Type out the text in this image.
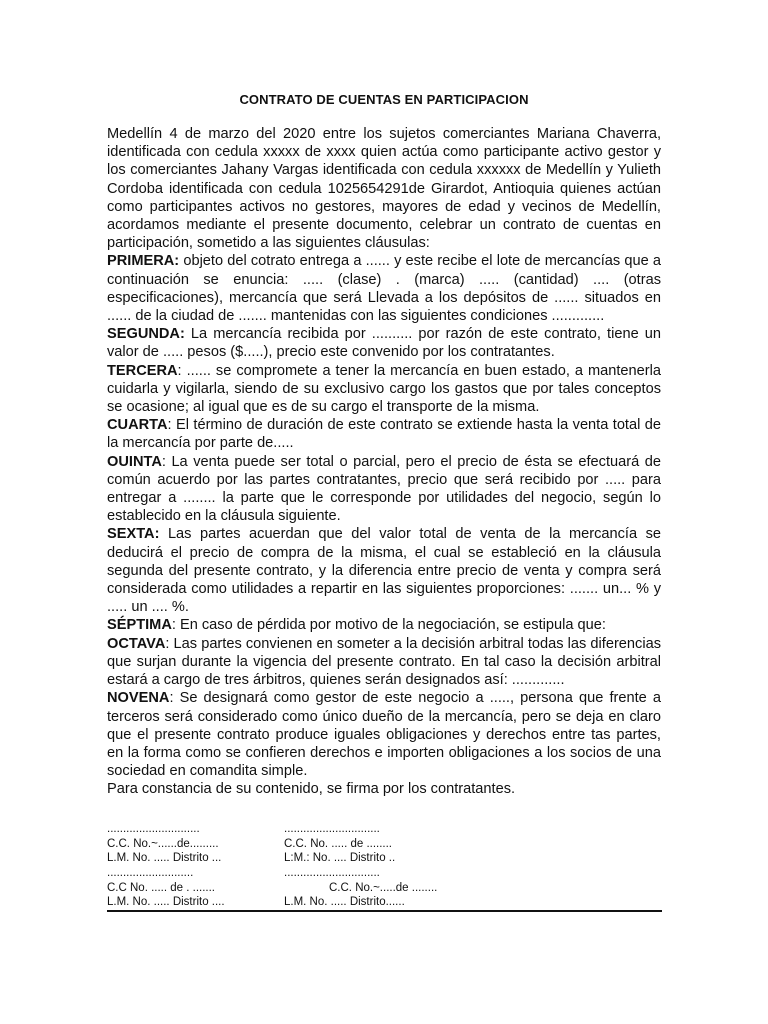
CONTRATO DE CUENTAS EN PARTICIPACION

Medellín 4 de marzo del 2020 entre los sujetos comerciantes Mariana Chaverra, identificada con cedula xxxxx de xxxx quien actúa como participante activo gestor y los comerciantes Jahany Vargas identificada con cedula xxxxxx de Medellín y Yulieth Cordoba identificada con cedula 1025654291de Girardot, Antioquia quienes actúan como participantes activos no gestores, mayores de edad y vecinos de Medellín, acordamos mediante el presente documento, celebrar un contrato de cuentas en participación, sometido a las siguientes cláusulas:

PRIMERA: objeto del cotrato entrega a ...... y este recibe el lote de mercancías que a continuación se enuncia: ..... (clase) . (marca) ..... (cantidad) .... (otras especificaciones), mercancía que será Llevada a los depósitos de ...... situados en ...... de la ciudad de ....... mantenidas con las siguientes condiciones .............

SEGUNDA: La mercancía recibida por .......... por razón de este contrato, tiene un valor de ..... pesos ($.....), precio este convenido por los contratantes.

TERCERA: ...... se compromete a tener la mercancía en buen estado, a mantenerla cuidarla y vigilarla, siendo de su exclusivo cargo los gastos que por tales conceptos se ocasione; al igual que es de su cargo el transporte de la misma.

CUARTA: El término de duración de este contrato se extiende hasta la venta total de la mercancía por parte de.....

OUINTA: La venta puede ser total o parcial, pero el precio de ésta se efectuará de común acuerdo por las partes contratantes, precio que será recibido por ..... para entregar a ........ la parte que le corresponde por utilidades del negocio, según lo establecido en la cláusula siguiente.

SEXTA: Las partes acuerdan que del valor total de venta de la mercancía se deducirá el precio de compra de la misma, el cual se estableció en la cláusula segunda del presente contrato, y la diferencia entre precio de venta y compra será considerada como utilidades a repartir en las siguientes proporciones: ....... un... % y ..... un .... %.

SÉPTIMA: En caso de pérdida por motivo de la negociación, se estipula que:

OCTAVA: Las partes convienen en someter a la decisión arbitral todas las diferencias que surjan durante la vigencia del presente contrato. En tal caso la decisión arbitral estará a cargo de tres árbitros, quienes serán designados así: .............

NOVENA: Se designará como gestor de este negocio a ....., persona que frente a terceros será considerado como único dueño de la mercancía, pero se deja en claro que el presente contrato produce iguales obligaciones y derechos entre tas partes, en la forma como se confieren derechos e importen obligaciones a los socios de una sociedad en comandita simple.

Para constancia de su contenido, se firma por los contratantes.

.............................	..............................
C.C. No.~......de.........	C.C. No. ..... de ........
L.M. No. ..... Distrito ...	L:M.: No. .... Distrito ..
...........................	..............................
C.C No. ..... de . .......	C.C. No.~.....de ........
L.M. No. ..... Distrito ....	L.M. No. ..... Distrito......
